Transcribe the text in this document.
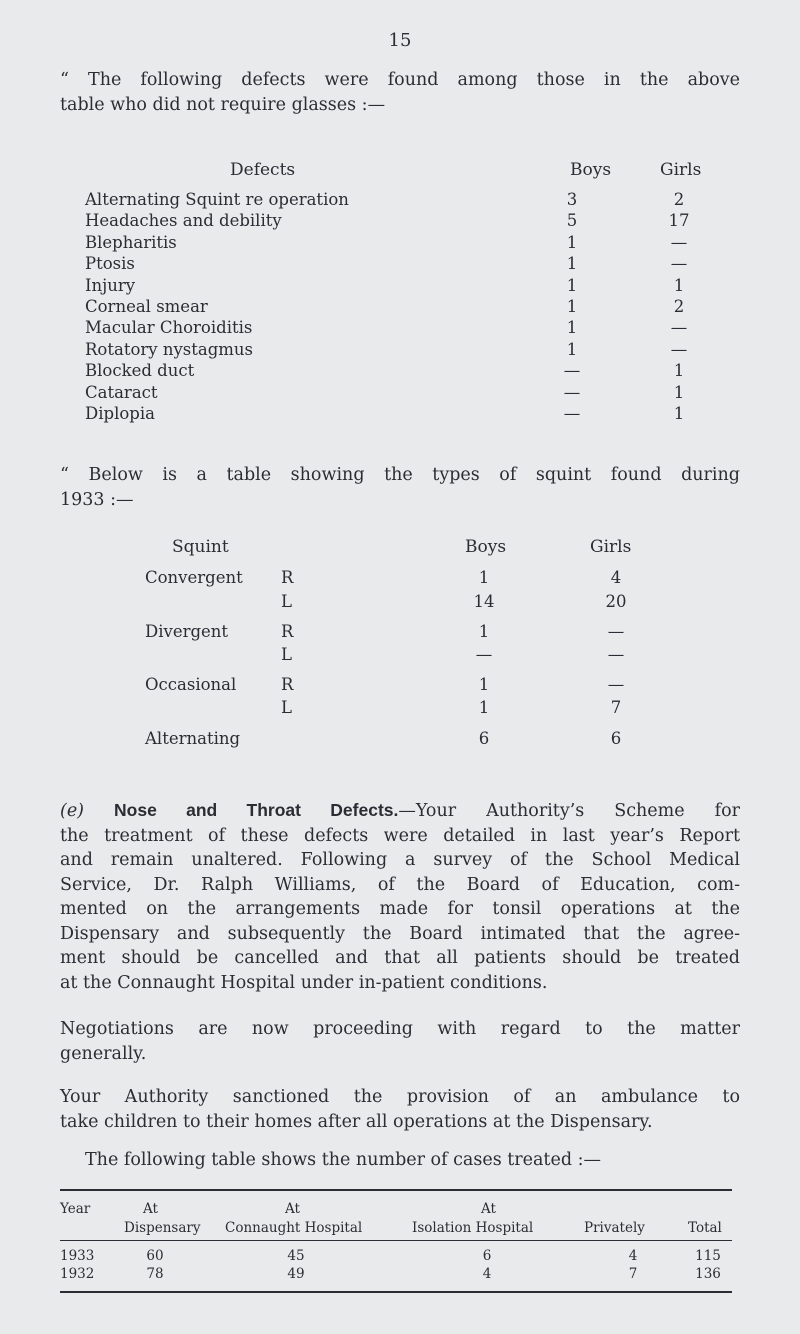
15
“ The following defects were found among those in the above
table who did not require glasses :—
Defects	Boys	Girls
Alternating Squint re operation	3	2
Headaches and debility	5	17
Blepharitis	1	—
Ptosis	1	—
Injury	1	1
Corneal smear	1	2
Macular Choroiditis	1	—
Rotatory nystagmus	1	—
Blocked duct	—	1
Cataract	—	1
Diplopia	—	1
“ Below is a table showing the types of squint found during
1933 :—
Squint	Boys	Girls
Convergent R	1	4
L	14	20
Divergent	R	1	—
L	—	—
Occasional	R	1	—
L	1	7
Alternating	6	6
(e) Nose and Throat Defects.—Your Authority’s Scheme for
the treatment of these defects were detailed in last year’s Report
and remain unaltered. Following a survey of the School Medical
Service, Dr. Ralph Williams, of the Board of Education, com-
mented on the arrangements made for tonsil operations at the
Dispensary and subsequently the Board intimated that the agree-
ment should be cancelled and that all patients should be treated
at the Connaught Hospital under in-patient conditions.
Negotiations are now proceeding with regard to the matter
generally.
Your Authority sanctioned the provision of an ambulance to
take children to their homes after all operations at the Dispensary.
The following table shows the number of cases treated :—
Year	At
Dispensary
At
Connaught Hospital
At
Isolation Hospital	Privately	Total
1933	60	45	6	4	115
1932	78	49	4	7	136
